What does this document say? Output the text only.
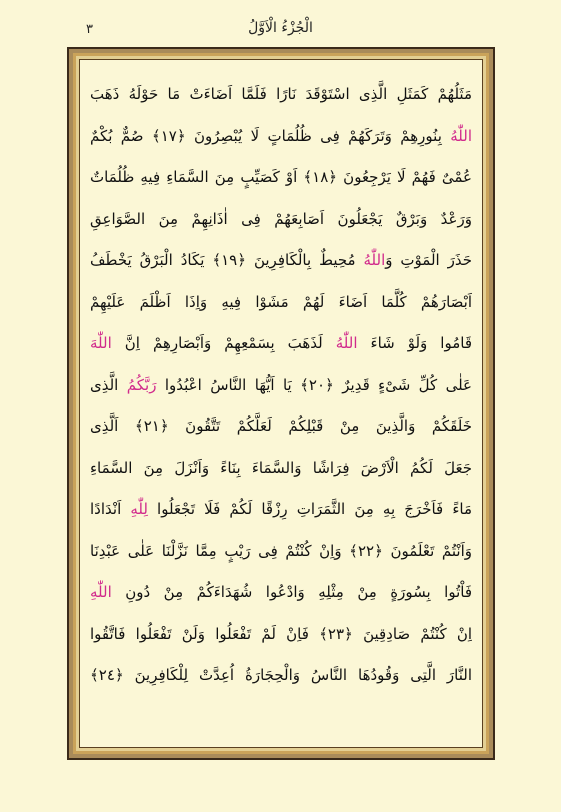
الْجُزْءُ الْاَوَّلُ
٣
مَثَلُهُمْ كَمَثَلِ الَّذِى اسْتَوْقَدَ نَارًا فَلَمَّا اَضَاءَتْ مَا حَوْلَهُ ذَهَبَ
اللّٰهُ بِنُورِهِمْ وَتَرَكَهُمْ فِى ظُلُمَاتٍ لَا يُبْصِرُونَ ﴿١٧﴾ صُمٌّ بُكْمٌ
عُمْىٌ فَهُمْ لَا يَرْجِعُونَ ﴿١٨﴾ اَوْ كَصَيِّبٍ مِنَ السَّمَاءِ فِيهِ ظُلُمَاتٌ
وَرَعْدٌ وَبَرْقٌ يَجْعَلُونَ اَصَابِعَهُمْ فِى اٰذَانِهِمْ مِنَ الصَّوَاعِقِ
حَذَرَ الْمَوْتِ وَاللّٰهُ مُحِيطٌ بِالْكَافِرِينَ ﴿١٩﴾ يَكَادُ الْبَرْقُ يَخْطَفُ
اَبْصَارَهُمْ كُلَّمَا اَضَاءَ لَهُمْ مَشَوْا فِيهِ وَاِذَا اَظْلَمَ عَلَيْهِمْ
قَامُوا وَلَوْ شَاءَ اللّٰهُ لَذَهَبَ بِسَمْعِهِمْ وَاَبْصَارِهِمْ اِنَّ اللّٰهَ
عَلٰى كُلِّ شَىْءٍ قَدِيرٌ ﴿٢٠﴾ يَا اَيُّهَا النَّاسُ اعْبُدُوا رَبَّكُمُ الَّذِى
خَلَقَكُمْ وَالَّذِينَ مِنْ قَبْلِكُمْ لَعَلَّكُمْ تَتَّقُونَ ﴿٢١﴾ اَلَّذِى
جَعَلَ لَكُمُ الْاَرْضَ فِرَاشًا وَالسَّمَاءَ بِنَاءً وَاَنْزَلَ مِنَ السَّمَاءِ
مَاءً فَاَخْرَجَ بِهِ مِنَ الثَّمَرَاتِ رِزْقًا لَكُمْ فَلَا تَجْعَلُوا لِلّٰهِ اَنْدَادًا
وَاَنْتُمْ تَعْلَمُونَ ﴿٢٢﴾ وَاِنْ كُنْتُمْ فِى رَيْبٍ مِمَّا نَزَّلْنَا عَلٰى عَبْدِنَا
فَاْتُوا بِسُورَةٍ مِنْ مِثْلِهِ وَادْعُوا شُهَدَاءَكُمْ مِنْ دُونِ اللّٰهِ
اِنْ كُنْتُمْ صَادِقِينَ ﴿٢٣﴾ فَاِنْ لَمْ تَفْعَلُوا وَلَنْ تَفْعَلُوا فَاتَّقُوا
النَّارَ الَّتِى وَقُودُهَا النَّاسُ وَالْحِجَارَةُ اُعِدَّتْ لِلْكَافِرِينَ ﴿٢٤﴾
